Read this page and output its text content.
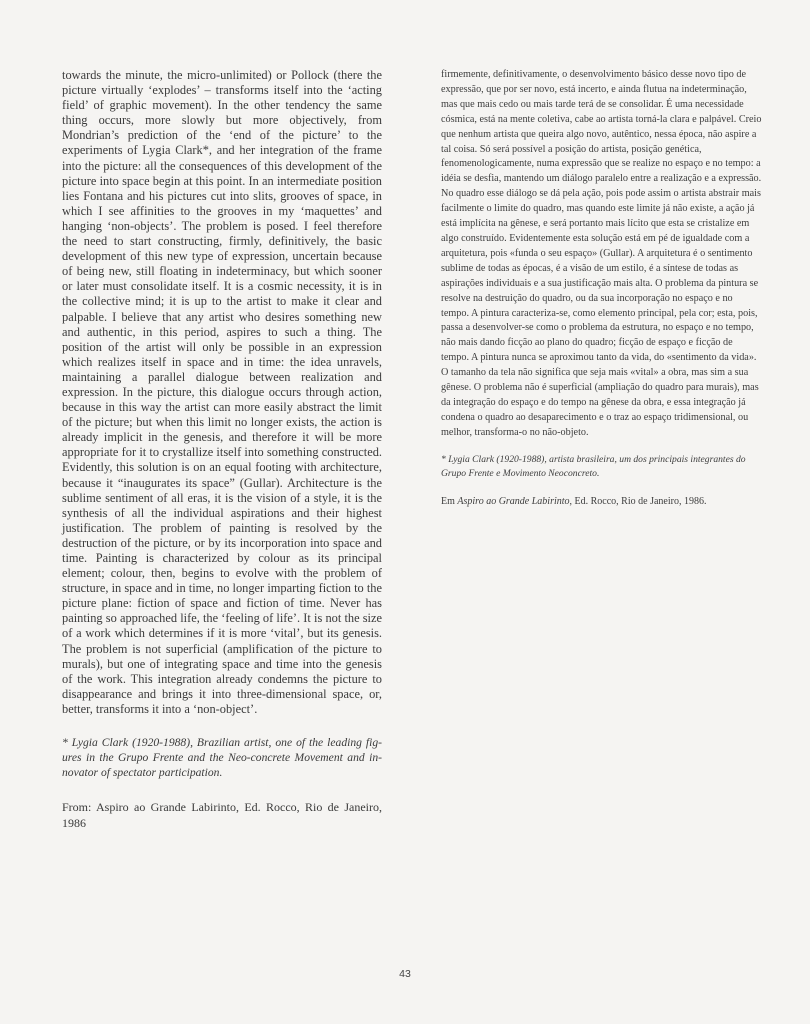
towards the minute, the micro-unlimited) or Pollock (there the picture virtually ‘explodes’ – transforms itself into the ‘acting field’ of graphic movement). In the other tendency the same thing occurs, more slowly but more objectively, from Mondrian’s prediction of the ‘end of the picture’ to the experiments of Lygia Clark*, and her integration of the frame into the picture: all the consequences of this development of the picture into space begin at this point. In an intermediate position lies Fontana and his pictures cut into slits, grooves of space, in which I see affinities to the grooves in my ‘maquettes’ and hanging ‘non-objects’. The problem is posed. I feel therefore the need to start constructing, firmly, definitively, the basic development of this new type of expression, uncertain because of being new, still floating in indeterminacy, but which sooner or later must consolidate itself. It is a cosmic necessity, it is in the collective mind; it is up to the artist to make it clear and palpable. I believe that any artist who desires something new and authentic, in this period, aspires to such a thing. The position of the artist will only be possible in an expression which realizes itself in space and in time: the idea unravels, maintaining a parallel dialogue between realization and expression. In the picture, this dialogue occurs through action, because in this way the artist can more easily abstract the limit of the picture; but when this limit no longer exists, the action is already implicit in the genesis, and therefore it will be more appropriate for it to crystallize itself into something constructed. Evidently, this solution is on an equal footing with architecture, because it “inaugurates its space” (Gullar). Architecture is the sublime sentiment of all eras, it is the vision of a style, it is the synthesis of all the individual aspirations and their highest justification. The problem of painting is resolved by the destruction of the picture, or by its incorporation into space and time. Painting is characterized by colour as its principal element; colour, then, begins to evolve with the problem of structure, in space and in time, no longer imparting fiction to the picture plane: fiction of space and fiction of time. Never has painting so approached life, the ‘feeling of life’. It is not the size of a work which determines if it is more ‘vital’, but its genesis. The problem is not superficial (amplification of the picture to murals), but one of integrating space and time into the genesis of the work. This integration already condemns the picture to disappearance and brings it into three-dimensional space, or, better, transforms it into a ‘non-object’.

* Lygia Clark (1920-1988), Brazilian artist, one of the leading figures in the Grupo Frente and the Neo-concrete Movement and innovator of spectator participation.

From: Aspiro ao Grande Labirinto, Ed. Rocco, Rio de Janeiro, 1986

firmemente, definitivamente, o desenvolvimento básico desse novo tipo de expressão, que por ser novo, está incerto, e ainda flutua na indeterminação, mas que mais cedo ou mais tarde terá de se consolidar. É uma necessidade cósmica, está na mente coletiva, cabe ao artista torná-la clara e palpável. Creio que nenhum artista que queira algo novo, autêntico, nessa época, não aspire a tal coisa. Só será possível a posição do artista, posição genética, fenomenologicamente, numa expressão que se realize no espaço e no tempo: a idéia se desfia, mantendo um diálogo paralelo entre a realização e a expressão. No quadro esse diálogo se dá pela ação, pois pode assim o artista abstrair mais facilmente o limite do quadro, mas quando este limite já não existe, a ação já está implícita na gênese, e será portanto mais lícito que esta se cristalize em algo construído. Evidentemente esta solução está em pé de igualdade com a arquitetura, pois «funda o seu espaço» (Gullar). A arquitetura é o sentimento sublime de todas as épocas, é a visão de um estilo, é a síntese de todas as aspirações individuais e a sua justificação mais alta. O problema da pintura se resolve na destruição do quadro, ou da sua incorporação no espaço e no tempo. A pintura caracteriza-se, como elemento principal, pela cor; esta, pois, passa a desenvolver-se como o problema da estrutura, no espaço e no tempo, não mais dando ficção ao plano do quadro; ficção de espaço e ficção de tempo. A pintura nunca se aproximou tanto da vida, do «sentimento da vida». O tamanho da tela não significa que seja mais «vital» a obra, mas sim a sua gênese. O problema não é superficial (ampliação do quadro para murais), mas da integração do espaço e do tempo na gênese da obra, e essa integração já condena o quadro ao desaparecimento e o traz ao espaço tridimensional, ou melhor, transforma-o no não-objeto.

* Lygia Clark (1920-1988), artista brasileira, um dos principais integrantes do Grupo Frente e Movimento Neoconcreto.

Em Aspiro ao Grande Labirinto, Ed. Rocco, Rio de Janeiro, 1986.

43
